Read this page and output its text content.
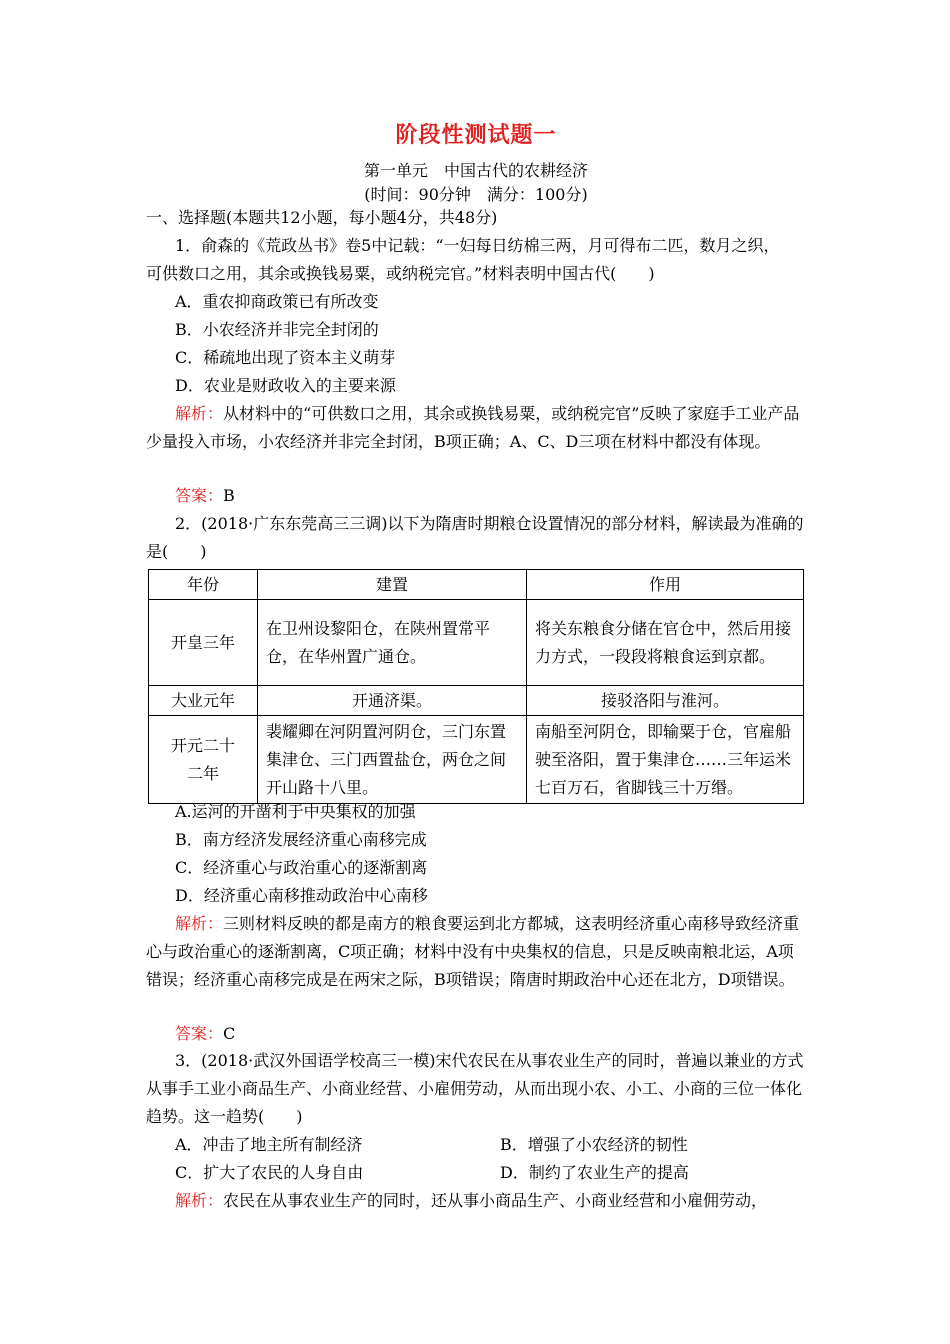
阶段性测试题一
第一单元　中国古代的农耕经济
(时间：90分钟　满分：100分)
一、选择题(本题共12小题，每小题4分，共48分)
1．俞森的《荒政丛书》卷5中记载：“一妇每日纺棉三两，月可得布二匹，数月之织，
可供数口之用，其余或换钱易粟，或纳税完官。”材料表明中国古代(　　)
A．重农抑商政策已有所改变
B．小农经济并非完全封闭的
C．稀疏地出现了资本主义萌芽
D．农业是财政收入的主要来源
解析：从材料中的“可供数口之用，其余或换钱易粟，或纳税完官”反映了家庭手工业产品少量投入市场，小农经济并非完全封闭，B项正确；A、C、D三项在材料中都没有体现。
答案：B
2．(2018·广东东莞高三三调)以下为隋唐时期粮仓设置情况的部分材料，解读最为准确的是(　　)
年份	建置	作用
开皇三年	在卫州设黎阳仓，在陕州置常平仓，在华州置广通仓。	将关东粮食分储在官仓中，然后用接力方式，一段段将粮食运到京都。
大业元年	开通济渠。	接驳洛阳与淮河。
开元二十二年	裴耀卿在河阴置河阴仓，三门东置集津仓、三门西置盐仓，两仓之间开山路十八里。	南船至河阴仓，即输粟于仓，官雇船驶至洛阳，置于集津仓……三年运米七百万石，省脚钱三十万缗。
A.运河的开凿利于中央集权的加强
B．南方经济发展经济重心南移完成
C．经济重心与政治重心的逐渐割离
D．经济重心南移推动政治中心南移
解析：三则材料反映的都是南方的粮食要运到北方都城，这表明经济重心南移导致经济重心与政治重心的逐渐割离，C项正确；材料中没有中央集权的信息，只是反映南粮北运，A项错误；经济重心南移完成是在两宋之际，B项错误；隋唐时期政治中心还在北方，D项错误。
答案：C
3．(2018·武汉外国语学校高三一模)宋代农民在从事农业生产的同时，普遍以兼业的方式从事手工业小商品生产、小商业经营、小雇佣劳动，从而出现小农、小工、小商的三位一体化趋势。这一趋势(　　)
A．冲击了地主所有制经济	B．增强了小农经济的韧性
C．扩大了农民的人身自由	D．制约了农业生产的提高
解析：农民在从事农业生产的同时，还从事小商品生产、小商业经营和小雇佣劳动，
